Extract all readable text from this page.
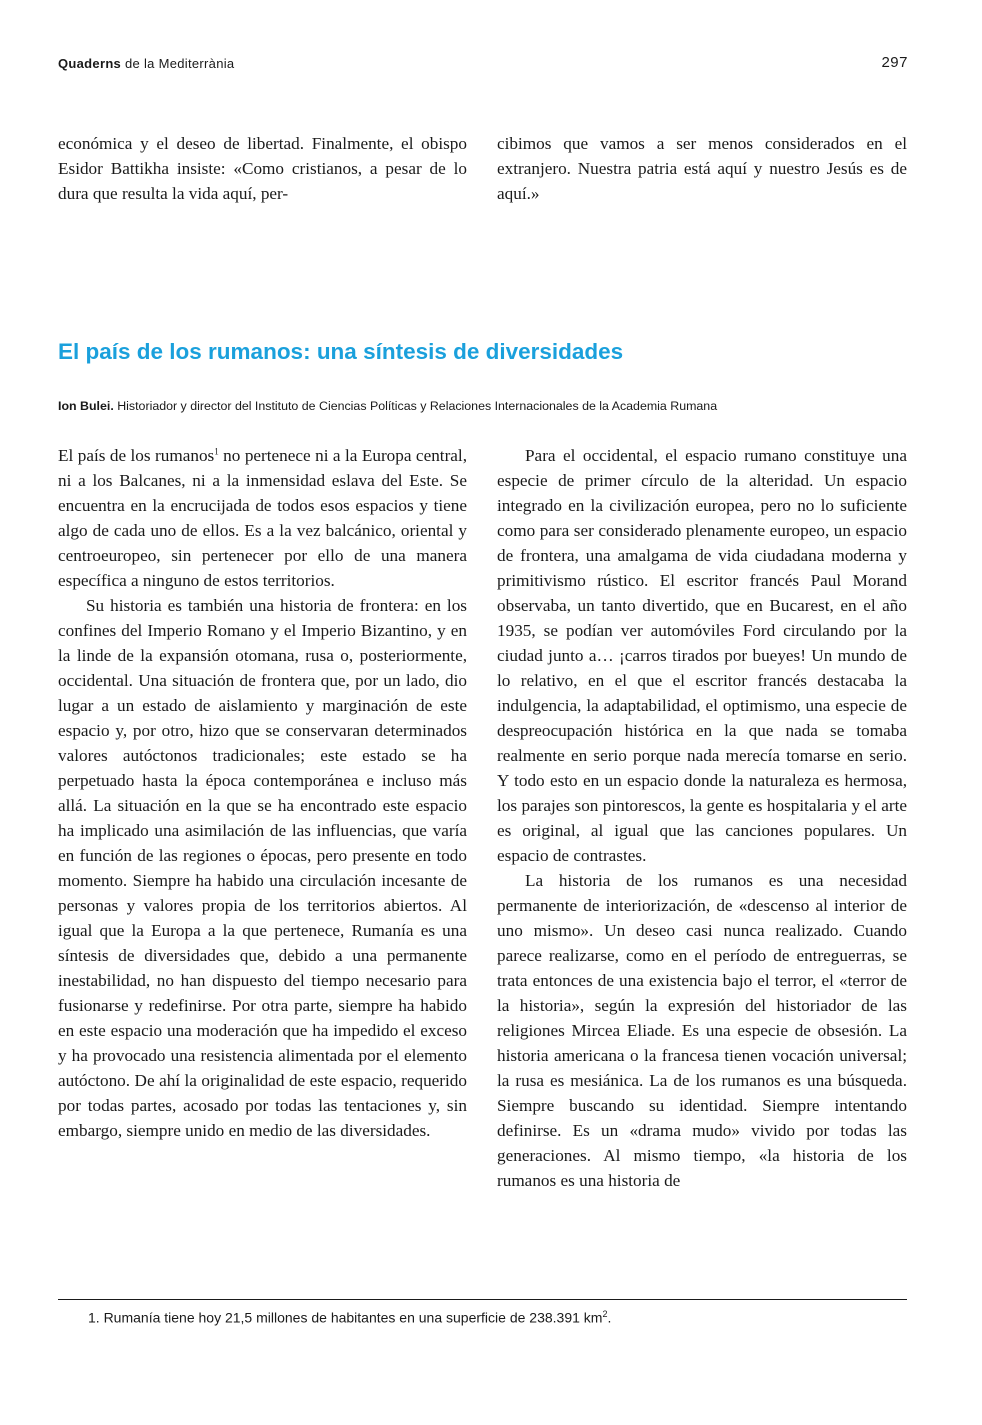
Quaderns de la Mediterrània	297

económica y el deseo de libertad. Finalmente, el obispo Esidor Battikha insiste: «Como cristianos, a pesar de lo dura que resulta la vida aquí, per-

cibimos que vamos a ser menos considerados en el extranjero. Nuestra patria está aquí y nuestro Jesús es de aquí.»

El país de los rumanos: una síntesis de diversidades
Ion Bulei. Historiador y director del Instituto de Ciencias Políticas y Relaciones Internacionales de la Academia Rumana

El país de los rumanos$^1$ no pertenece ni a la Europa central, ni a los Balcanes, ni a la inmensidad eslava del Este. Se encuentra en la encrucijada de todos esos espacios y tiene algo de cada uno de ellos. Es a la vez balcánico, oriental y centroeuropeo, sin pertenecer por ello de una manera específica a ninguno de estos territorios.

Su historia es también una historia de frontera: en los confines del Imperio Romano y el Imperio Bizantino, y en la linde de la expansión otomana, rusa o, posteriormente, occidental. Una situación de frontera que, por un lado, dio lugar a un estado de aislamiento y marginación de este espacio y, por otro, hizo que se conservaran determinados valores autóctonos tradicionales; este estado se ha perpetuado hasta la época contemporánea e incluso más allá. La situación en la que se ha encontrado este espacio ha implicado una asimilación de las influencias, que varía en función de las regiones o épocas, pero presente en todo momento. Siempre ha habido una circulación incesante de personas y valores propia de los territorios abiertos. Al igual que la Europa a la que pertenece, Rumanía es una síntesis de diversidades que, debido a una permanente inestabilidad, no han dispuesto del tiempo necesario para fusionarse y redefinirse. Por otra parte, siempre ha habido en este espacio una moderación que ha impedido el exceso y ha provocado una resistencia alimentada por el elemento autóctono. De ahí la originalidad de este espacio, requerido por todas partes, acosado por todas las tentaciones y, sin embargo, siempre unido en medio de las diversidades.

Para el occidental, el espacio rumano constituye una especie de primer círculo de la alteridad. Un espacio integrado en la civilización europea, pero no lo suficiente como para ser considerado plenamente europeo, un espacio de frontera, una amalgama de vida ciudadana moderna y primitivismo rústico. El escritor francés Paul Morand observaba, un tanto divertido, que en Bucarest, en el año 1935, se podían ver automóviles Ford circulando por la ciudad junto a… ¡carros tirados por bueyes! Un mundo de lo relativo, en el que el escritor francés destacaba la indulgencia, la adaptabilidad, el optimismo, una especie de despreocupación histórica en la que nada se tomaba realmente en serio porque nada merecía tomarse en serio. Y todo esto en un espacio donde la naturaleza es hermosa, los parajes son pintorescos, la gente es hospitalaria y el arte es original, al igual que las canciones populares. Un espacio de contrastes.

La historia de los rumanos es una necesidad permanente de interiorización, de «descenso al interior de uno mismo». Un deseo casi nunca realizado. Cuando parece realizarse, como en el período de entreguerras, se trata entonces de una existencia bajo el terror, el «terror de la historia», según la expresión del historiador de las religiones Mircea Eliade. Es una especie de obsesión. La historia americana o la francesa tienen vocación universal; la rusa es mesiánica. La de los rumanos es una búsqueda. Siempre buscando su identidad. Siempre intentando definirse. Es un «drama mudo» vivido por todas las generaciones. Al mismo tiempo, «la historia de los rumanos es una historia de

1. Rumanía tiene hoy 21,5 millones de habitantes en una superficie de 238.391 $km^2$.
